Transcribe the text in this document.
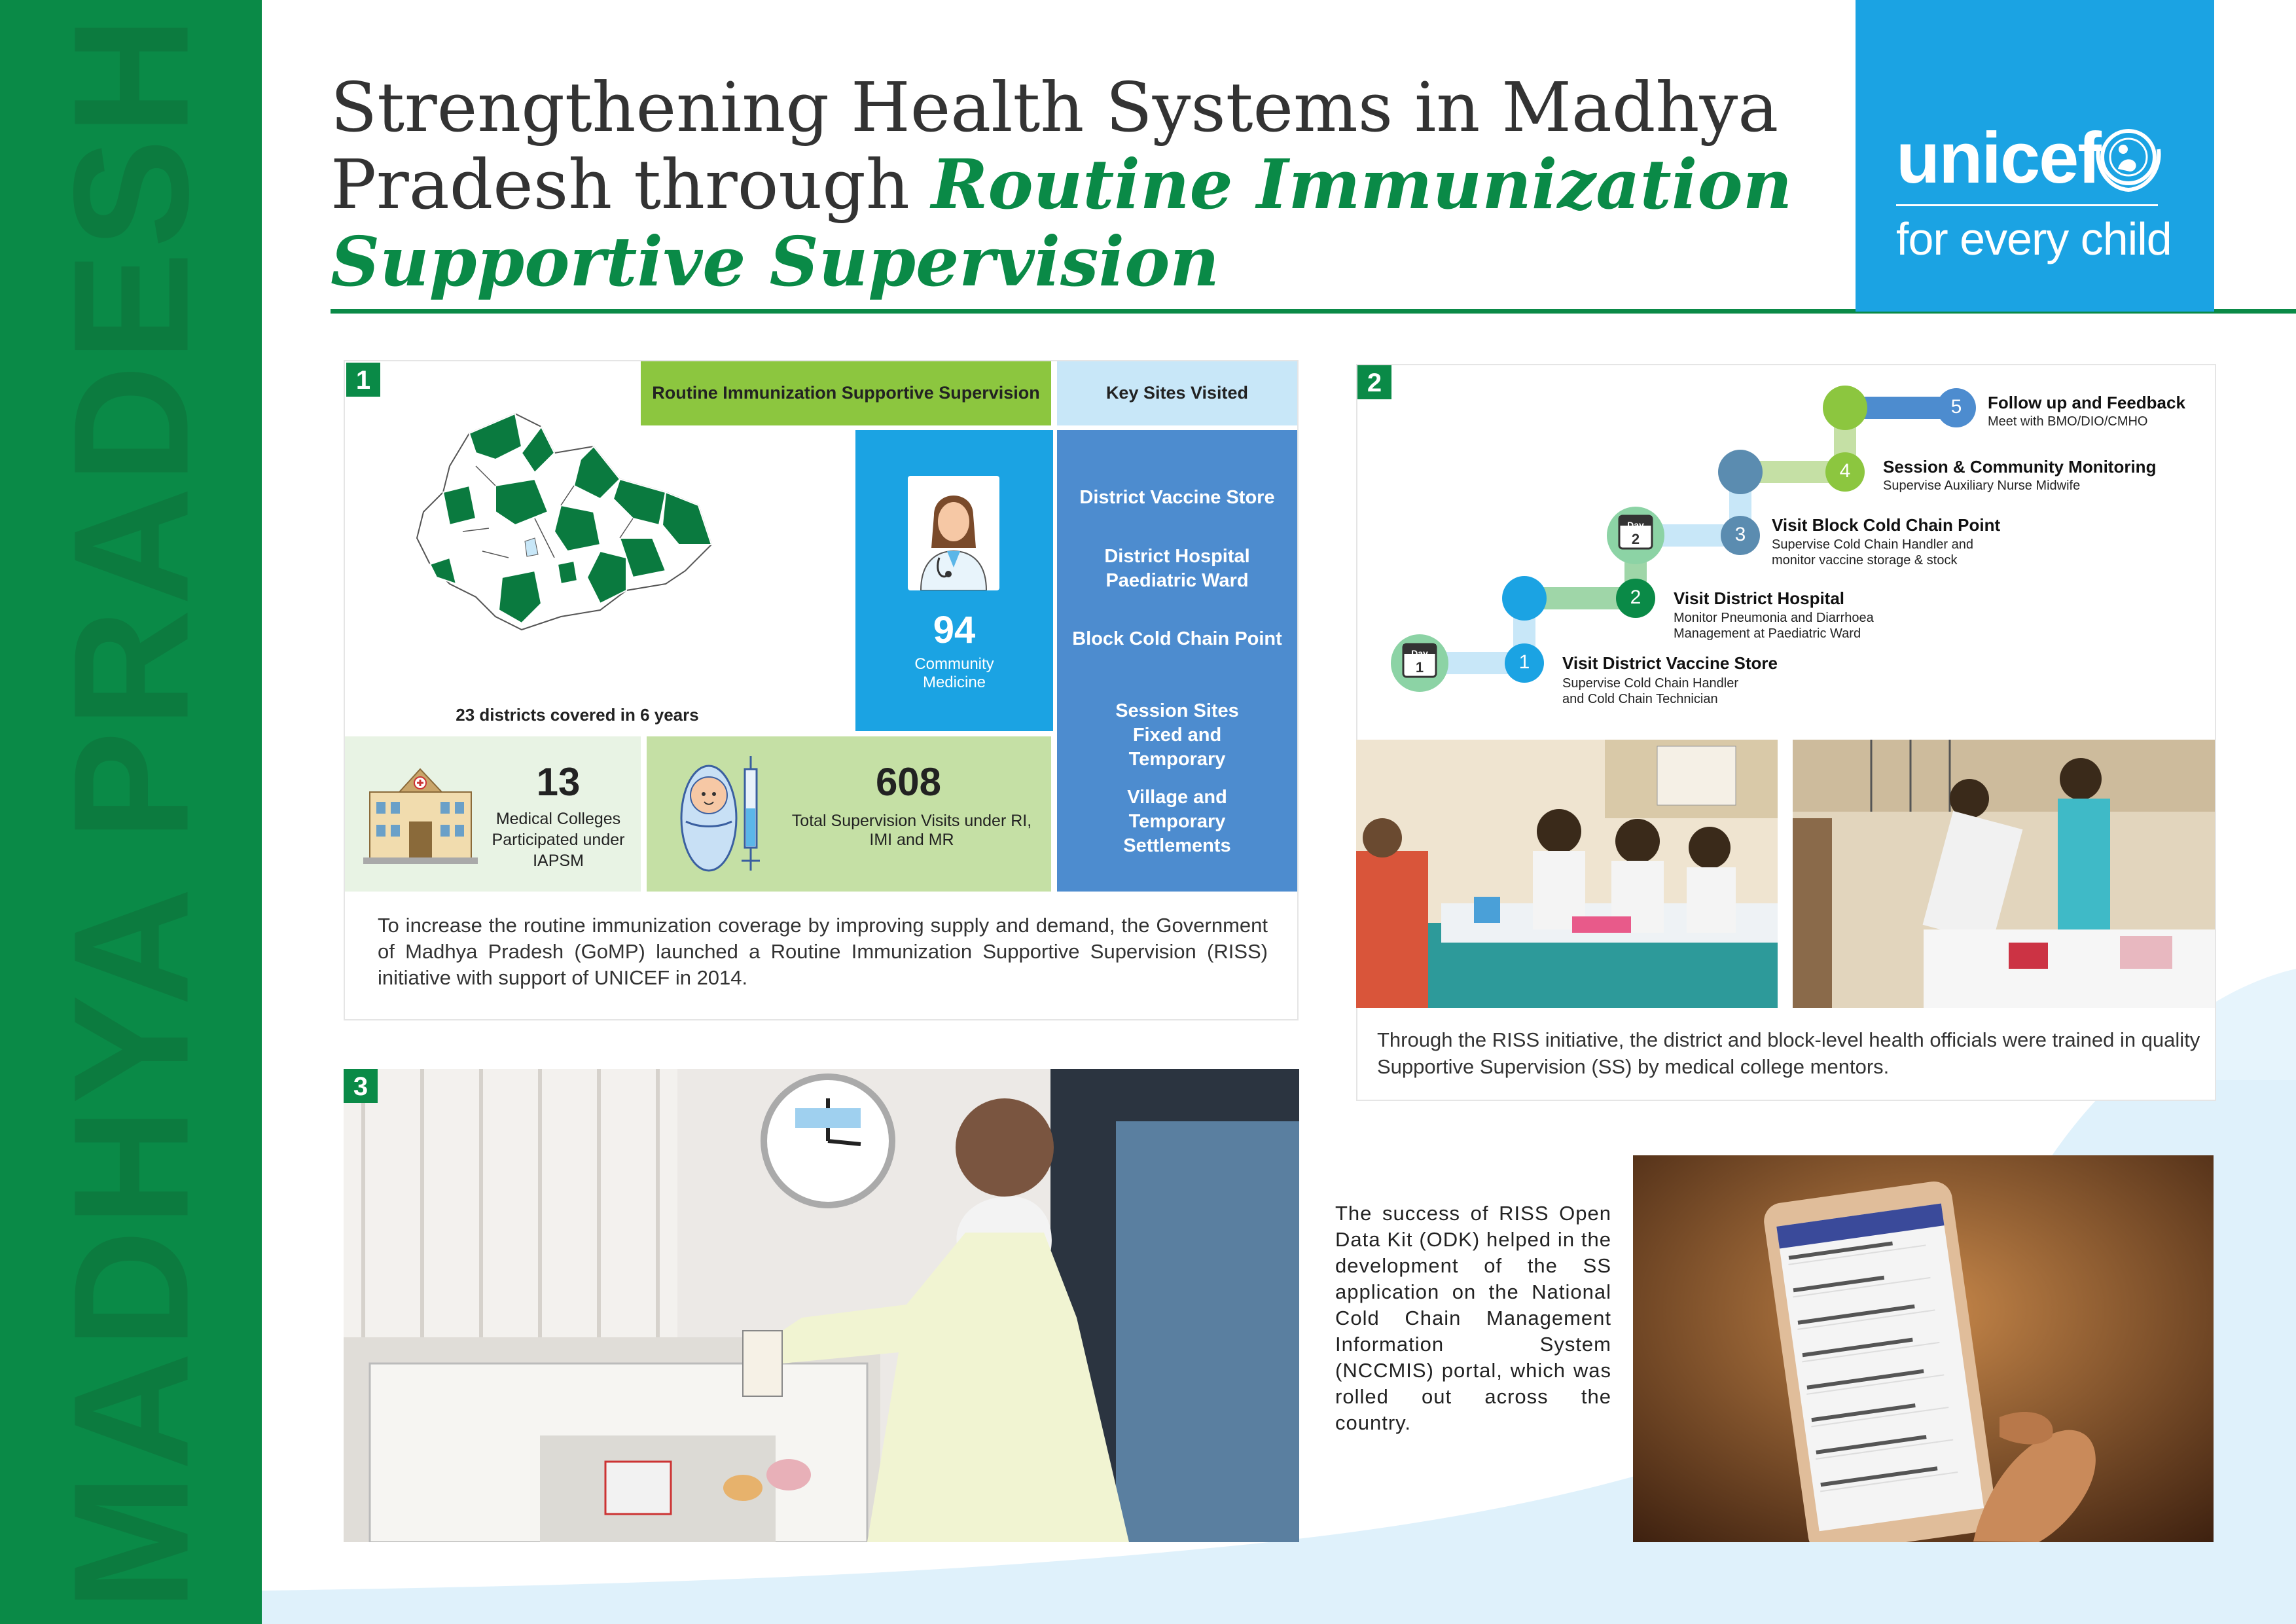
MADHYA PRADESH Strengthening Health Systems in Madhya Pradesh through Routine Immunization Supportive Supervision
unicef
for every child
1	Routine Immunization Supportive Supervision	Key Sites Visited
23 districts covered in 6 years
94
Community Medicine
District Vaccine Store
District Hospital Paediatric Ward
Block Cold Chain Point
Session Sites Fixed and Temporary
Village and Temporary Settlements
13
Medical Colleges Participated under IAPSM
608
Total Supervision Visits under RI, IMI and MR
To increase the routine immunization coverage by improving supply and demand, the Government of Madhya Pradesh (GoMP) launched a Routine Immunization Supportive Supervision (RISS) initiative with support of UNICEF in 2014.
2
Day
1
Day
2
1
2
3
4
5
Visit District Vaccine Store
Supervise Cold Chain Handler
and Cold Chain Technician
Visit District Hospital
Monitor Pneumonia and Diarrhoea
Management at Paediatric Ward
Visit Block Cold Chain Point
Supervise Cold Chain Handler and
monitor vaccine storage & stock
Session & Community Monitoring
Supervise Auxiliary Nurse Midwife
Follow up and Feedback
Meet with BMO/DIO/CMHO
Through the RISS initiative, the district and block-level health officials were trained in quality Supportive Supervision (SS) by medical college mentors.
3
The success of RISS Open Data Kit (ODK) helped in the development of the SS application on the National Cold Chain Management Information System (NCCMIS) portal, which was rolled out across the country.
